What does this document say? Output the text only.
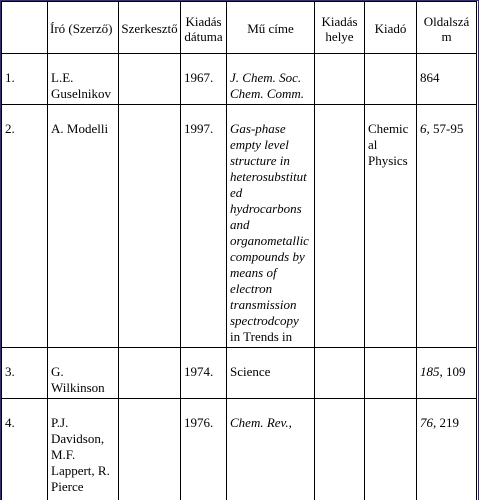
	Író (Szerző)	Szerkesztő	Kiadás dátuma	Mű címe	Kiadás helye	Kiadó	Oldalszám
1.	L.E. Guselnikov		1967.	J. Chem. Soc. Chem. Comm.			864
2.	A. Modelli		1997.	Gas-phase empty level structure in heterosubstituted hydrocarbons and organometallic compounds by means of electron transmission spectrodcopy in Trends in		Chemical Physics	6, 57-95
3.	G. Wilkinson		1974.	Science			185, 109
4.	P.J. Davidson, M.F. Lappert, R. Pierce		1976.	Chem. Rev.,			76, 219
